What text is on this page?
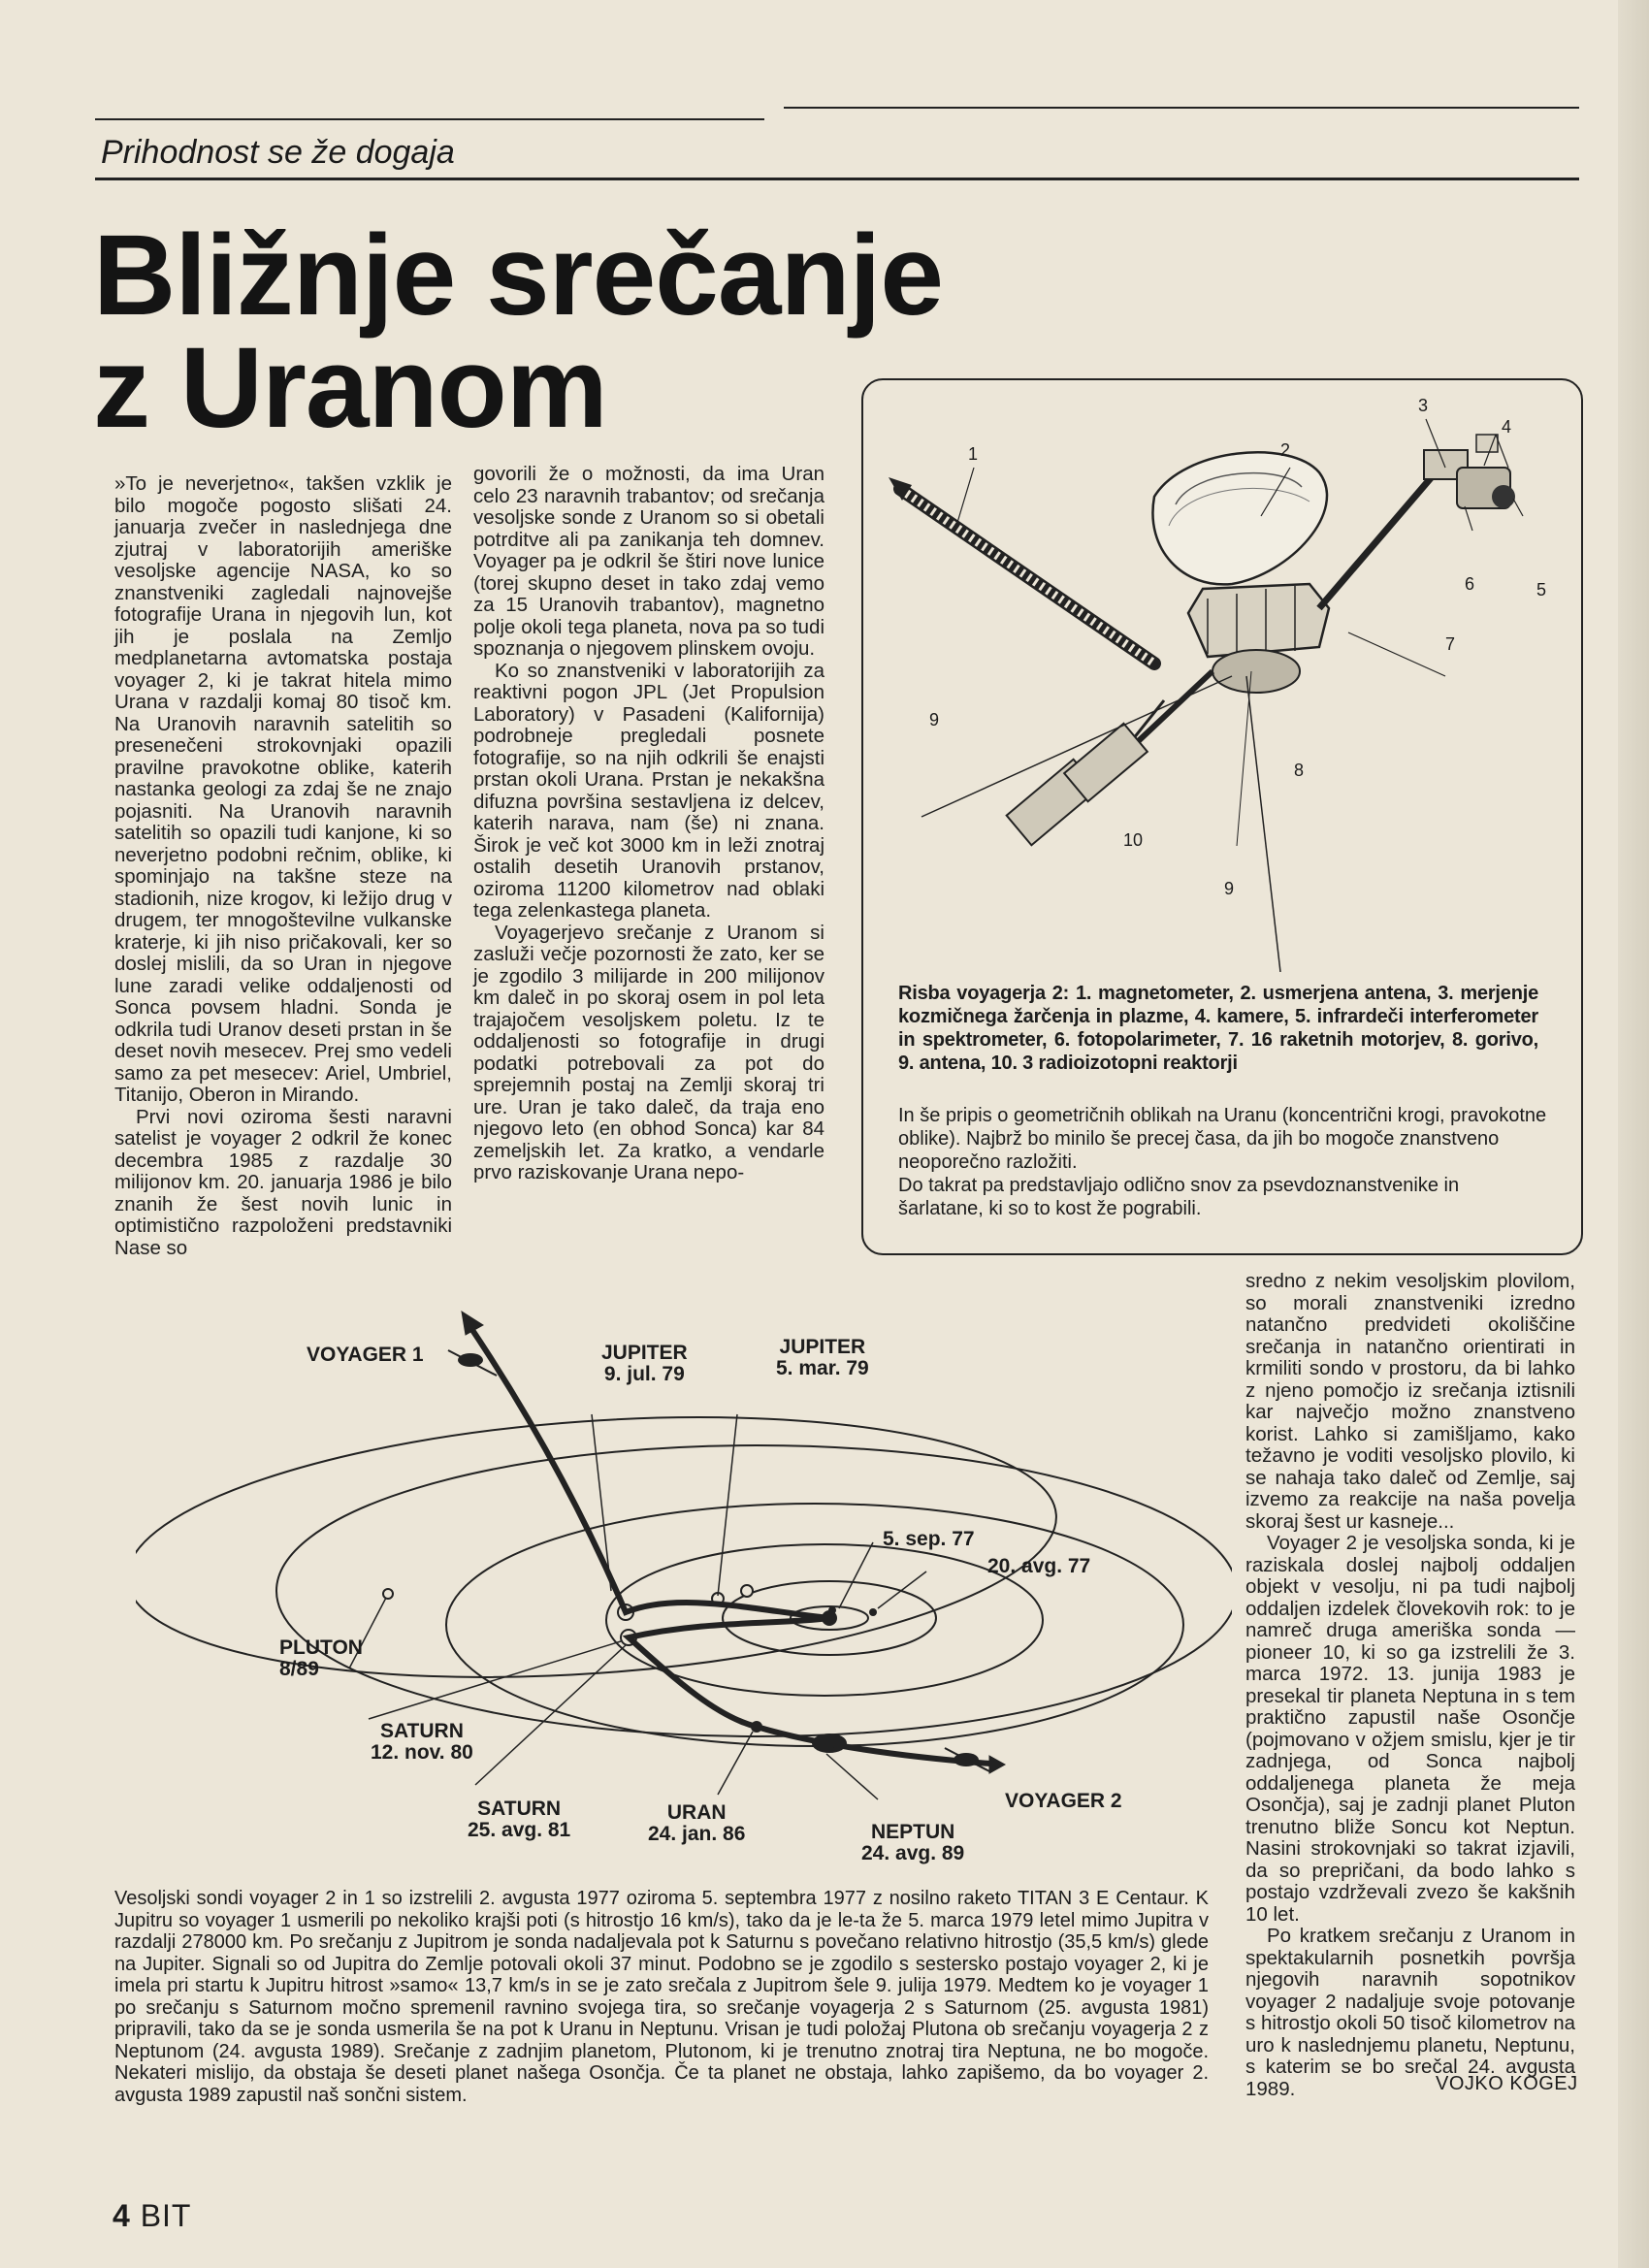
Prihodnost se že dogaja
Bližnje srečanje
z Uranom

»To je neverjetno«, takšen vzklik je bilo mogoče pogosto slišati 24. januarja zvečer in naslednjega dne zjutraj v laboratorijih ameriške vesoljske agencije NASA, ko so znanstveniki zagledali najnovejše fotografije Urana in njegovih lun, kot jih je poslala na Zemljo medplanetarna avtomatska postaja voyager 2, ki je takrat hitela mimo Urana v razdalji komaj 80 tisoč km. Na Uranovih naravnih satelitih so presenečeni strokovnjaki opazili pravilne pravokotne oblike, katerih nastanka geologi za zdaj še ne znajo pojasniti. Na Uranovih naravnih satelitih so opazili tudi kanjone, ki so neverjetno podobni rečnim, oblike, ki spominjajo na takšne steze na stadionih, nize krogov, ki ležijo drug v drugem, ter mnogoštevilne vulkanske kraterje, ki jih niso pričakovali, ker so doslej mislili, da so Uran in njegove lune zaradi velike oddaljenosti od Sonca povsem hladni. Sonda je odkrila tudi Uranov deseti prstan in še deset novih mesecev. Prej smo vedeli samo za pet mesecev: Ariel, Umbriel, Titanijo, Oberon in Mirando.

Prvi novi oziroma šesti naravni satelist je voyager 2 odkril že konec decembra 1985 z razdalje 30 milijonov km. 20. januarja 1986 je bilo znanih že šest novih lunic in optimistično razpoloženi predstavniki Nase so

govorili že o možnosti, da ima Uran celo 23 naravnih trabantov; od srečanja vesoljske sonde z Uranom so si obetali potrditve ali pa zanikanja teh domnev. Voyager pa je odkril še štiri nove lunice (torej skupno deset in tako zdaj vemo za 15 Uranovih trabantov), magnetno polje okoli tega planeta, nova pa so tudi spoznanja o njegovem plinskem ovoju.

Ko so znanstveniki v laboratorijih za reaktivni pogon JPL (Jet Propulsion Laboratory) v Pasadeni (Kalifornija) podrobneje pregledali posnete fotografije, so na njih odkrili še enajsti prstan okoli Urana. Prstan je nekakšna difuzna površina sestavljena iz delcev, katerih narava, nam (še) ni znana. Širok je več kot 3000 km in leži znotraj ostalih desetih Uranovih prstanov, oziroma 11200 kilometrov nad oblaki tega zelenkastega planeta.

Voyagerjevo srečanje z Uranom si zasluži večje pozornosti že zato, ker se je zgodilo 3 milijarde in 200 milijonov km daleč in po skoraj osem in pol leta trajajočem vesoljskem poletu. Iz te oddaljenosti so fotografije in drugi podatki potrebovali za pot do sprejemnih postaj na Zemlji skoraj tri ure. Uran je tako daleč, da traja eno njegovo leto (en obhod Sonca) kar 84 zemeljskih let. Za kratko, a vendarle prvo raziskovanje Urana nepo-

1	2
3
4
5
6
7
8
9
9
10
Risba voyagerja 2: 1. magnetometer, 2. usmerjena antena, 3. merjenje kozmičnega žarčenja in plazme, 4. kamere, 5. infrardeči interferometer in spektrometer, 6. fotopolarimeter, 7. 16 raketnih motorjev, 8. gorivo, 9. antena, 10. 3 radioizotopni reaktorji

In še pripis o geometričnih oblikah na Uranu (koncentrični krogi, pravokotne oblike). Najbrž bo minilo še precej časa, da jih bo mogoče znanstveno neoporečno razložiti.

Do takrat pa predstavljajo odlično snov za psevdoznanstvenike in šarlatane, ki so to kost že pograbili.

sredno z nekim vesoljskim plovilom, so morali znanstveniki izredno natančno predvideti okoliščine srečanja in natančno orientirati in krmiliti sondo v prostoru, da bi lahko z njeno pomočjo iz srečanja iztisnili kar največjo možno znanstveno korist. Lahko si zamišljamo, kako težavno je voditi vesoljsko plovilo, ki se nahaja tako daleč od Zemlje, saj izvemo za reakcije na naša povelja skoraj šest ur kasneje...

Voyager 2 je vesoljska sonda, ki je raziskala doslej najbolj oddaljen objekt v vesolju, ni pa tudi najbolj oddaljen izdelek človekovih rok: to je namreč druga ameriška sonda — pioneer 10, ki so ga izstrelili že 3. marca 1972. 13. junija 1983 je presekal tir planeta Neptuna in s tem praktično zapustil naše Osončje (pojmovano v ožjem smislu, kjer je tir zadnjega, od Sonca najbolj oddaljenega planeta že meja Osončja), saj je zadnji planet Pluton trenutno bliže Soncu kot Neptun. Nasini strokovnjaki so takrat izjavili, da so prepričani, da bodo lahko s postajo vzdrževali zvezo še kakšnih 10 let.

Po kratkem srečanju z Uranom in spektakularnih posnetkih površja njegovih naravnih sopotnikov voyager 2 nadaljuje svoje potovanje s hitrostjo okoli 50 tisoč kilometrov na uro k naslednjemu planetu, Neptunu, s katerim se bo srečal 24. avgusta 1989.	VOJKO KOGEJ
VOYAGER 1	JUPITER
9. jul. 79
JUPITER
5. mar. 79
5. sep. 77
20. avg. 77
PLUTON
8/89
SATURN
12. nov. 80
SATURN
25. avg. 81
URAN
24. jan. 86	NEPTUN
24. avg. 89
VOYAGER 2

Vesoljski sondi voyager 2 in 1 so izstrelili 2. avgusta 1977 oziroma 5. septembra 1977 z nosilno raketo TITAN 3 E Centaur. K Jupitru so voyager 1 usmerili po nekoliko krajši poti (s hitrostjo 16 km/s), tako da je le-ta že 5. marca 1979 letel mimo Jupitra v razdalji 278000 km. Po srečanju z Jupitrom je sonda nadaljevala pot k Saturnu s povečano relativno hitrostjo (35,5 km/s) glede na Jupiter. Signali so od Jupitra do Zemlje potovali okoli 37 minut. Podobno se je zgodilo s sestersko postajo voyager 2, ki je imela pri startu k Jupitru hitrost »samo« 13,7 km/s in se je zato srečala z Jupitrom šele 9. julija 1979. Medtem ko je voyager 1 po srečanju s Saturnom močno spremenil ravnino svojega tira, so srečanje voyagerja 2 s Saturnom (25. avgusta 1981) pripravili, tako da se je sonda usmerila še na pot k Uranu in Neptunu. Vrisan je tudi položaj Plutona ob srečanju voyagerja 2 z Neptunom (24. avgusta 1989). Srečanje z zadnjim planetom, Plutonom, ki je trenutno znotraj tira Neptuna, ne bo mogoče. Nekateri mislijo, da obstaja še deseti planet našega Osončja. Če ta planet ne obstaja, lahko zapišemo, da bo voyager 2. avgusta 1989 zapustil naš sončni sistem.

4 BIT
